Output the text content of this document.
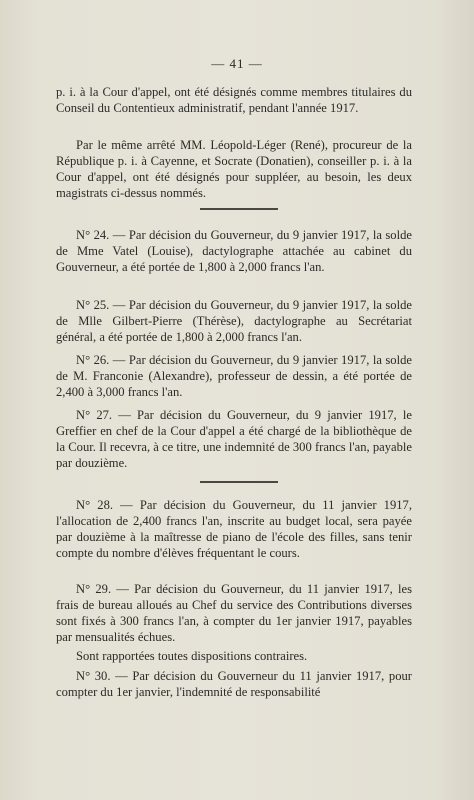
— 41 —

p. i. à la Cour d'appel, ont été désignés comme membres titulaires du Conseil du Contentieux administratif, pendant l'année 1917.

Par le même arrêté MM. Léopold-Léger (René), procureur de la République p. i. à Cayenne, et Socrate (Donatien), conseiller p. i. à la Cour d'appel, ont été désignés pour suppléer, au besoin, les deux magistrats ci-dessus nommés.

N° 24. — Par décision du Gouverneur, du 9 janvier 1917, la solde de Mme Vatel (Louise), dactylographe attachée au cabinet du Gouverneur, a été portée de 1,800 à 2,000 francs l'an.

N° 25. — Par décision du Gouverneur, du 9 janvier 1917, la solde de Mlle Gilbert-Pierre (Thérèse), dactylographe au Secrétariat général, a été portée de 1,800 à 2,000 francs l'an.

N° 26. — Par décision du Gouverneur, du 9 janvier 1917, la solde de M. Franconie (Alexandre), professeur de dessin, a été portée de 2,400 à 3,000 francs l'an.

N° 27. — Par décision du Gouverneur, du 9 janvier 1917, le Greffier en chef de la Cour d'appel a été chargé de la bibliothèque de la Cour. Il recevra, à ce titre, une indemnité de 300 francs l'an, payable par douzième.

N° 28. — Par décision du Gouverneur, du 11 janvier 1917, l'allocation de 2,400 francs l'an, inscrite au budget local, sera payée par douzième à la maîtresse de piano de l'école des filles, sans tenir compte du nombre d'élèves fréquentant le cours.

N° 29. — Par décision du Gouverneur, du 11 janvier 1917, les frais de bureau alloués au Chef du service des Contributions diverses sont fixés à 300 francs l'an, à compter du 1er janvier 1917, payables par mensualités échues.

Sont rapportées toutes dispositions contraires.

N° 30. — Par décision du Gouverneur du 11 janvier 1917, pour compter du 1er janvier, l'indemnité de responsabilité
